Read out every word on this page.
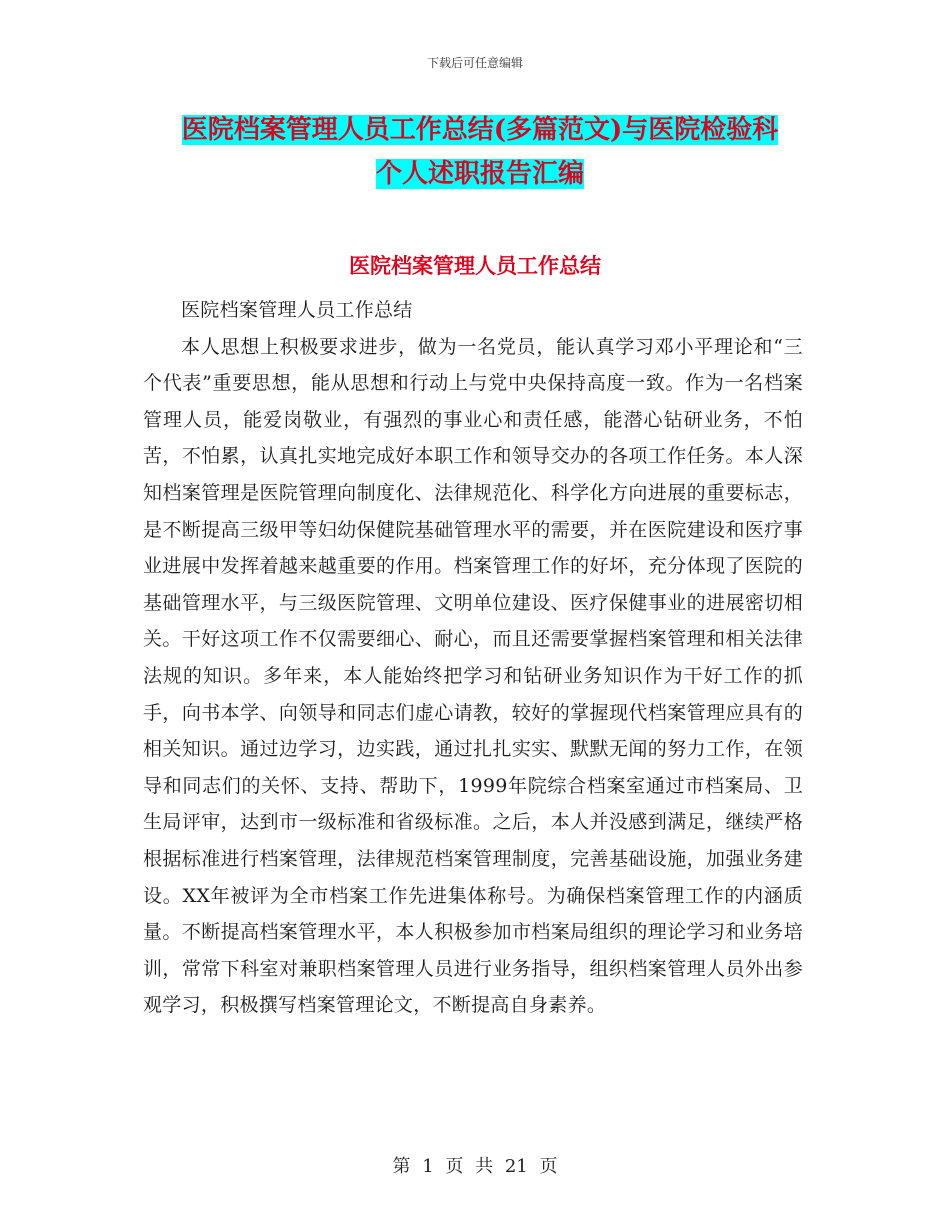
下载后可任意编辑
医院档案管理人员工作总结(多篇范文)与医院检验科
个人述职报告汇编
医院档案管理人员工作总结

医院档案管理人员工作总结

本人思想上积极要求进步，做为一名党员，能认真学习邓小平理论和“三个代表”重要思想，能从思想和行动上与党中央保持高度一致。作为一名档案管理人员，能爱岗敬业，有强烈的事业心和责任感，能潜心钻研业务，不怕苦，不怕累，认真扎实地完成好本职工作和领导交办的各项工作任务。本人深知档案管理是医院管理向制度化、法律规范化、科学化方向进展的重要标志，是不断提高三级甲等妇幼保健院基础管理水平的需要，并在医院建设和医疗事业进展中发挥着越来越重要的作用。档案管理工作的好坏，充分体现了医院的基础管理水平，与三级医院管理、文明单位建设、医疗保健事业的进展密切相关。干好这项工作不仅需要细心、耐心，而且还需要掌握档案管理和相关法律法规的知识。多年来，本人能始终把学习和钻研业务知识作为干好工作的抓手，向书本学、向领导和同志们虚心请教，较好的掌握现代档案管理应具有的相关知识。通过边学习，边实践，通过扎扎实实、默默无闻的努力工作，在领导和同志们的关怀、支持、帮助下，1999年院综合档案室通过市档案局、卫生局评审，达到市一级标准和省级标准。之后，本人并没感到满足，继续严格根据标准进行档案管理，法律规范档案管理制度，完善基础设施，加强业务建设。XX年被评为全市档案工作先进集体称号。为确保档案管理工作的内涵质量。不断提高档案管理水平，本人积极参加市档案局组织的理论学习和业务培训，常常下科室对兼职档案管理人员进行业务指导，组织档案管理人员外出参观学习，积极撰写档案管理论文，不断提高自身素养。

第 1 页 共 21 页
